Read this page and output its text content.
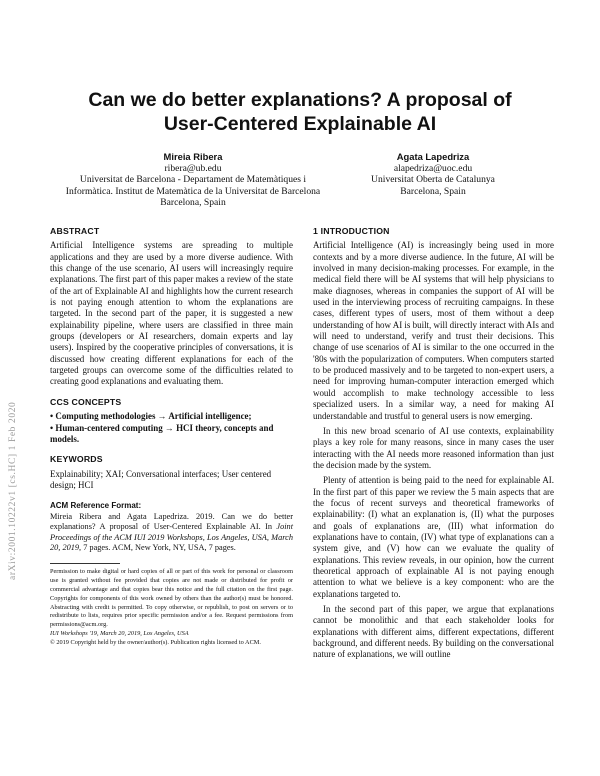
Can we do better explanations? A proposal of
User-Centered Explainable AI
Mireia Ribera
ribera@ub.edu
Universitat de Barcelona - Departament de Matemàtiques i Informàtica. Institut de Matemàtica de la Universitat de Barcelona
Barcelona, Spain
Agata Lapedriza
alapedriza@uoc.edu
Universitat Oberta de Catalunya
Barcelona, Spain
arXiv:2001.10222v1 [cs.HC] 1 Feb 2020
ABSTRACT

Artificial Intelligence systems are spreading to multiple applications and they are used by a more diverse audience. With this change of the use scenario, AI users will increasingly require explanations. The first part of this paper makes a review of the state of the art of Explainable AI and highlights how the current research is not paying enough attention to whom the explanations are targeted. In the second part of the paper, it is suggested a new explainability pipeline, where users are classified in three main groups (developers or AI researchers, domain experts and lay users). Inspired by the cooperative principles of conversations, it is discussed how creating different explanations for each of the targeted groups can overcome some of the difficulties related to creating good explanations and evaluating them.

CCS CONCEPTS
• Computing methodologies → Artificial intelligence;
• Human-centered computing → HCI theory, concepts and models.
KEYWORDS

Explainability; XAI; Conversational interfaces; User centered design; HCI

ACM Reference Format:

Mireia Ribera and Agata Lapedriza. 2019. Can we do better explanations? A proposal of User-Centered Explainable AI. In Joint Proceedings of the ACM IUI 2019 Workshops, Los Angeles, USA, March 20, 2019, 7 pages. ACM, New York, NY, USA, 7 pages.

Permission to make digital or hard copies of all or part of this work for personal or classroom use is granted without fee provided that copies are not made or distributed for profit or commercial advantage and that copies bear this notice and the full citation on the first page. Copyrights for components of this work owned by others than the author(s) must be honored. Abstracting with credit is permitted. To copy otherwise, or republish, to post on servers or to redistribute to lists, requires prior specific permission and/or a fee. Request permissions from permissions@acm.org.

IUI Workshops '19, March 20, 2019, Los Angeles, USA

© 2019 Copyright held by the owner/author(s). Publication rights licensed to ACM.

1 INTRODUCTION

Artificial Intelligence (AI) is increasingly being used in more contexts and by a more diverse audience. In the future, AI will be involved in many decision-making processes. For example, in the medical field there will be AI systems that will help physicians to make diagnoses, whereas in companies the support of AI will be used in the interviewing process of recruiting campaigns. In these cases, different types of users, most of them without a deep understanding of how AI is built, will directly interact with AIs and will need to understand, verify and trust their decisions. This change of use scenarios of AI is similar to the one occurred in the '80s with the popularization of computers. When computers started to be produced massively and to be targeted to non-expert users, a need for improving human-computer interaction emerged which would accomplish to make technology accessible to less specialized users. In a similar way, a need for making AI understandable and trustful to general users is now emerging.

In this new broad scenario of AI use contexts, explainability plays a key role for many reasons, since in many cases the user interacting with the AI needs more reasoned information than just the decision made by the system.

Plenty of attention is being paid to the need for explainable AI. In the first part of this paper we review the 5 main aspects that are the focus of recent surveys and theoretical frameworks of explainability: (I) what an explanation is, (II) what the purposes and goals of explanations are, (III) what information do explanations have to contain, (IV) what type of explanations can a system give, and (V) how can we evaluate the quality of explanations. This review reveals, in our opinion, how the current theoretical approach of explainable AI is not paying enough attention to what we believe is a key component: who are the explanations targeted to.

In the second part of this paper, we argue that explanations cannot be monolithic and that each stakeholder looks for explanations with different aims, different expectations, different background, and different needs. By building on the conversational nature of explanations, we will outline
